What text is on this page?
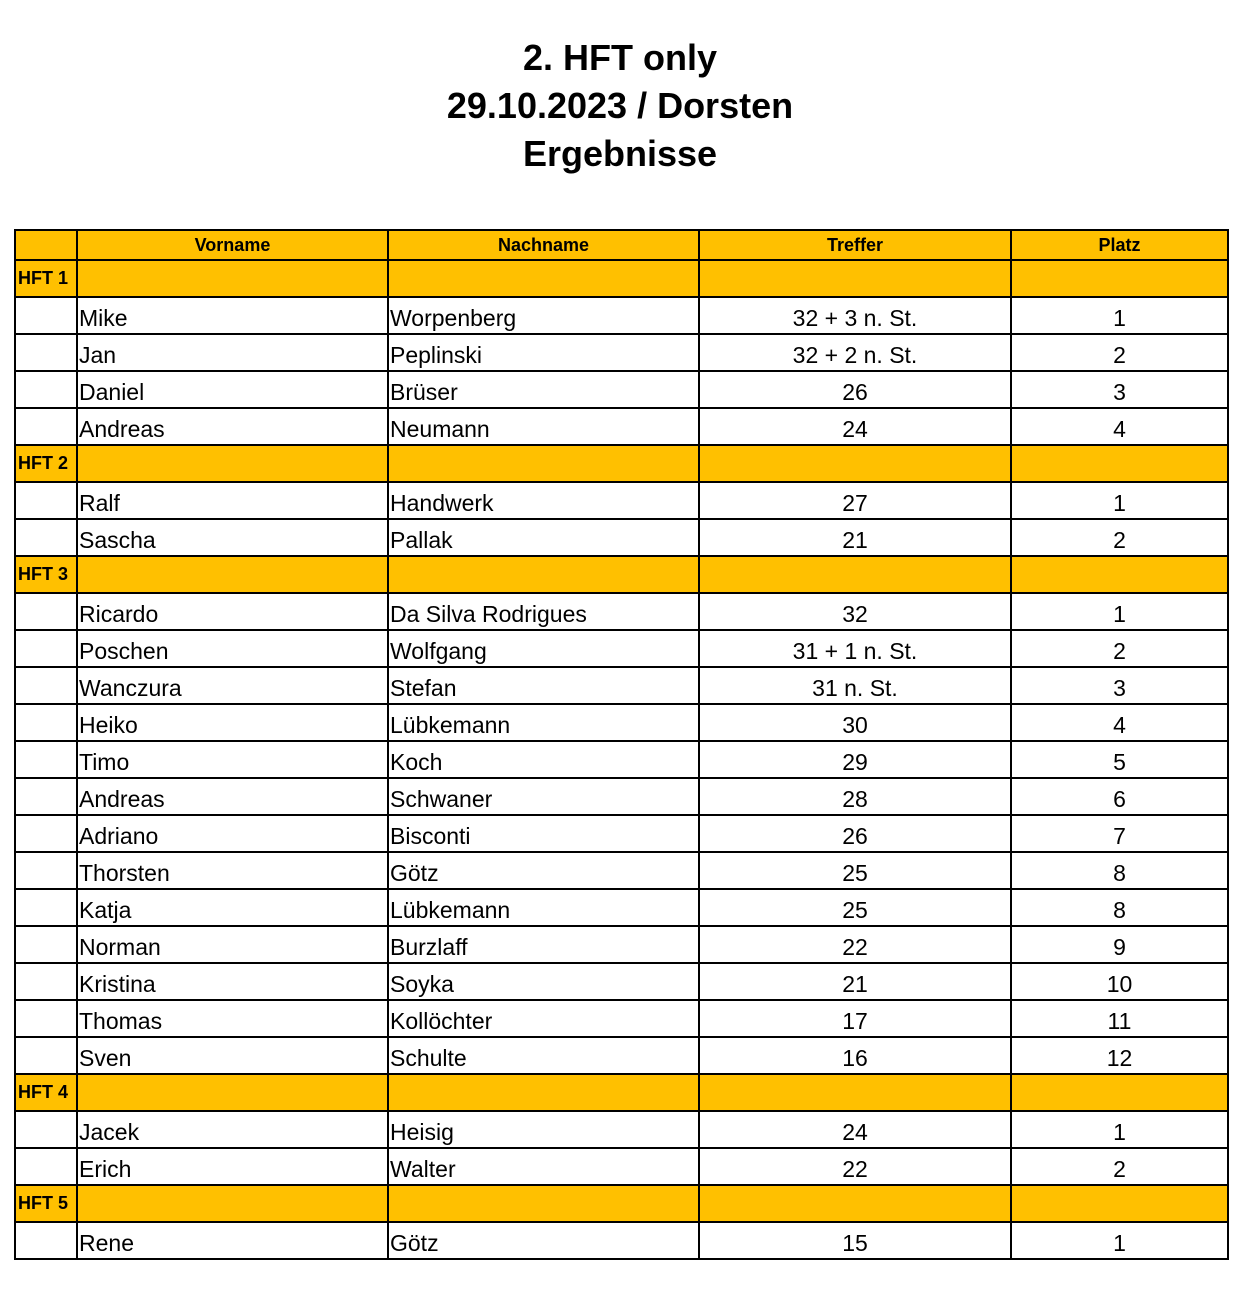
2. HFT only

29.10.2023 / Dorsten

Ergebnisse

	Vorname	Nachname	Treffer	Platz
HFT 1				
	Mike	Worpenberg	32 + 3 n. St.	1
	Jan	Peplinski	32 + 2 n. St.	2
	Daniel	Brüser	26	3
	Andreas	Neumann	24	4
HFT 2				
	Ralf	Handwerk	27	1
	Sascha	Pallak	21	2
HFT 3				
	Ricardo	Da Silva Rodrigues	32	1
	Poschen	Wolfgang	31 + 1 n. St.	2
	Wanczura	Stefan	31 n. St.	3
	Heiko	Lübkemann	30	4
	Timo	Koch	29	5
	Andreas	Schwaner	28	6
	Adriano	Bisconti	26	7
	Thorsten	Götz	25	8
	Katja	Lübkemann	25	8
	Norman	Burzlaff	22	9
	Kristina	Soyka	21	10
	Thomas	Kollöchter	17	11
	Sven	Schulte	16	12
HFT 4				
	Jacek	Heisig	24	1
	Erich	Walter	22	2
HFT 5				
	Rene	Götz	15	1
